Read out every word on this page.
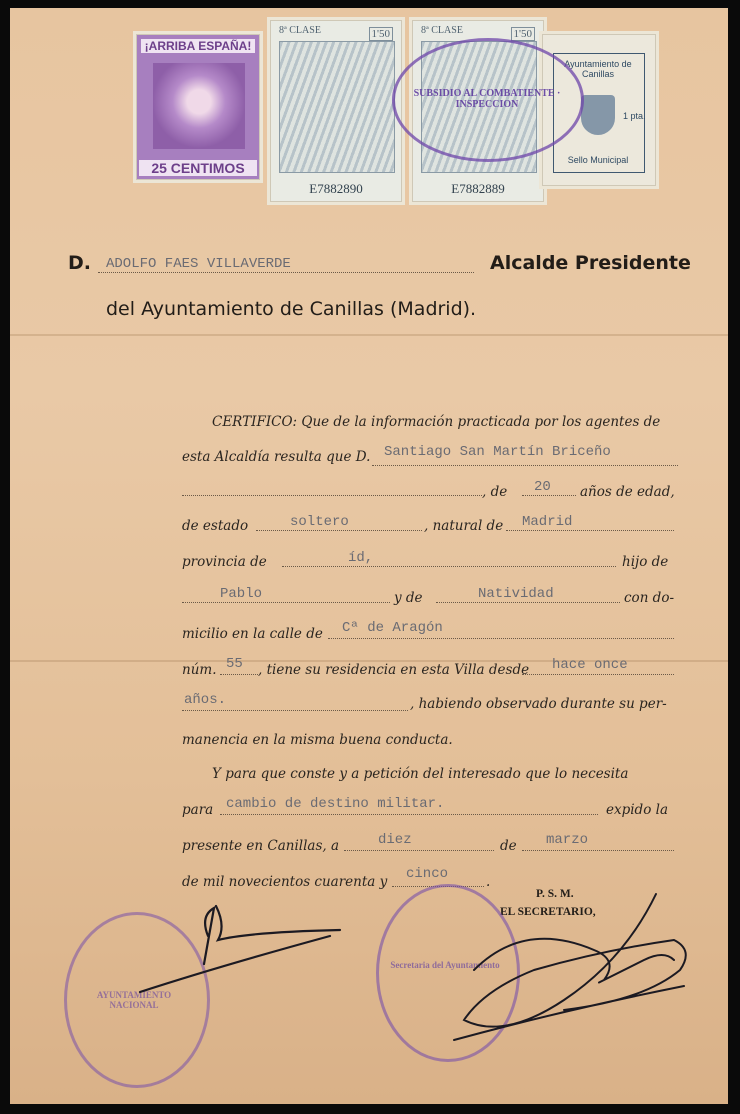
¡ARRIBA ESPAÑA!
25 CENTIMOS
8ª CLASE	1'50
E7882890
8ª CLASE	1'50
E7882889
Ayuntamiento de Canillas
1 pta.
Sello Municipal
SUBSIDIO AL COMBATIENTE · INSPECCION
D. ADOLFO FAES VILLAVERDE	Alcalde Presidente
del Ayuntamiento de Canillas (Madrid).
CERTIFICO: Que de la información practicada por los agentes de
esta Alcaldía resulta que D. Santiago San Martín Briceño
, de 20 años de edad,
de estado	soltero	, natural de Madrid
provincia de	íd,	hijo de
Pablo	y de	Natividad	con do-
micilio en la calle de Cª de Aragón
núm. 55 , tiene su residencia en esta Villa desde hace once
años.	, habiendo observado durante su per-
manencia en la misma buena conducta.
Y para que conste y a petición del interesado que lo necesita
para cambio de destino militar.	expido la
presente en Canillas, a	diez	de marzo
de mil novecientos cuarenta y cinco	.
P. S. M.
EL SECRETARIO,
AYUNTAMIENTO NACIONAL
Secretaria del Ayuntamiento
